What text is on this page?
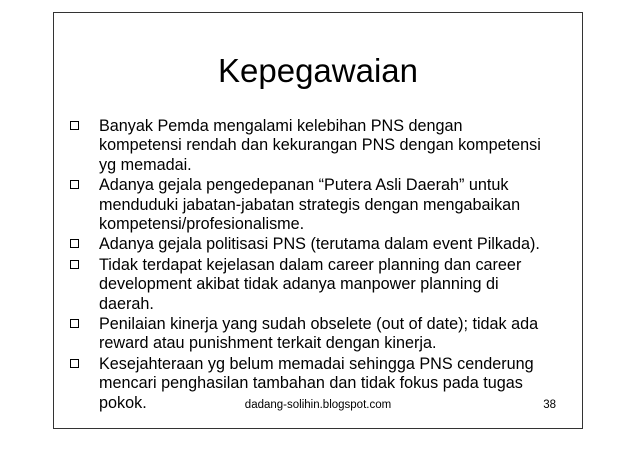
Kepegawaian
Banyak Pemda mengalami kelebihan PNS dengan
kompetensi rendah dan kekurangan PNS dengan kompetensi
yg memadai.
Adanya gejala pengedepanan “Putera Asli Daerah” untuk
menduduki jabatan-jabatan strategis dengan mengabaikan
kompetensi/profesionalisme.
Adanya gejala politisasi PNS (terutama dalam event Pilkada).
Tidak terdapat kejelasan dalam career planning dan career
development akibat tidak adanya manpower planning di
daerah.
Penilaian kinerja yang sudah obselete (out of date); tidak ada
reward atau punishment terkait dengan kinerja.
Kesejahteraan yg belum memadai sehingga PNS cenderung
mencari penghasilan tambahan dan tidak fokus pada tugas
pokok.	dadang-solihin.blogspot.com	38
